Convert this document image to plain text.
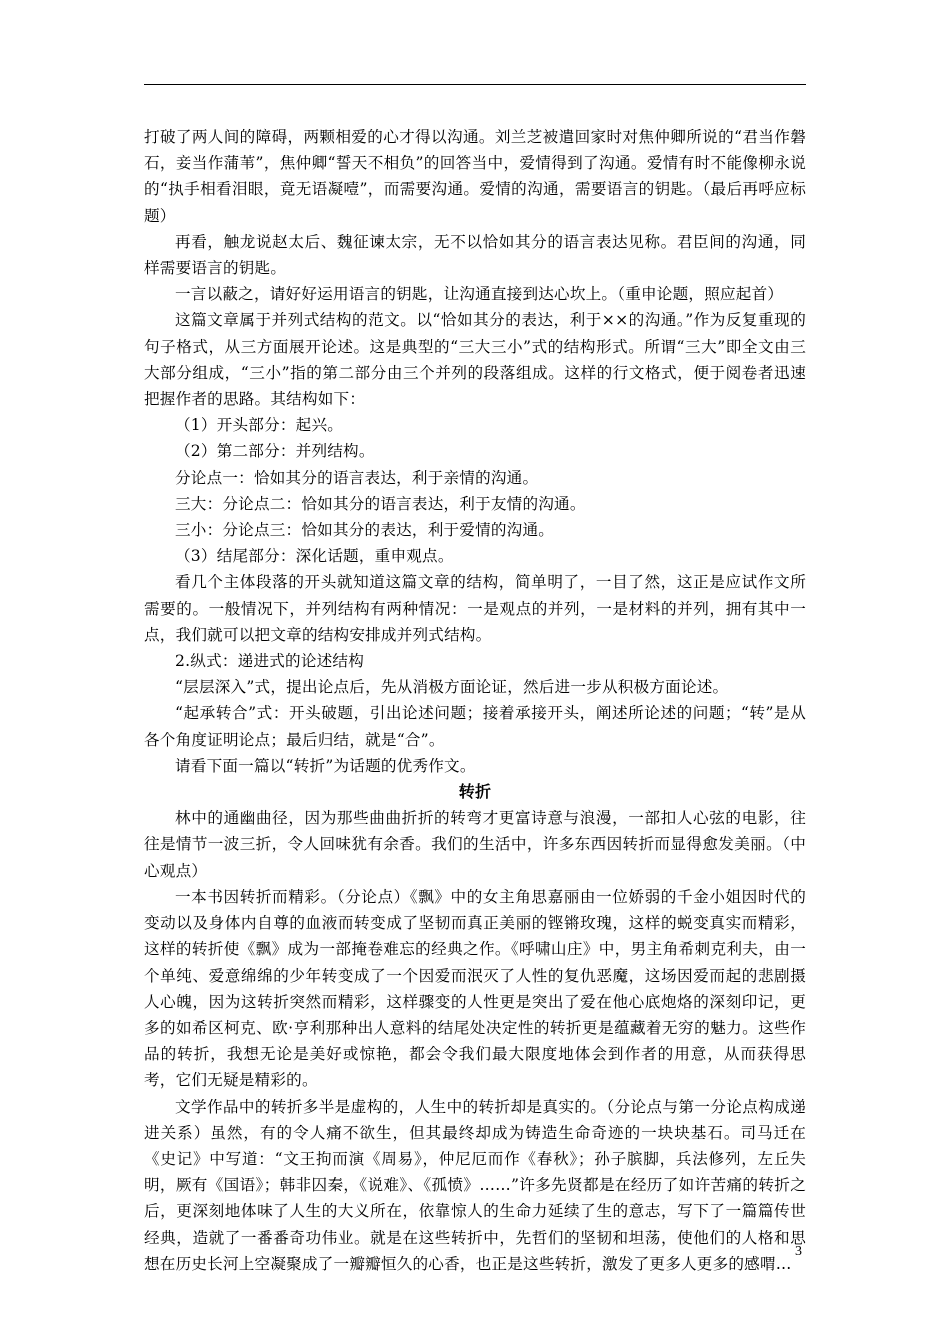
打破了两人间的障碍，两颗相爱的心才得以沟通。刘兰芝被遣回家时对焦仲卿所说的“君当作磐石，妾当作蒲苇”，焦仲卿“誓天不相负”的回答当中，爱情得到了沟通。爱情有时不能像柳永说的“执手相看泪眼，竟无语凝噎”，而需要沟通。爱情的沟通，需要语言的钥匙。（最后再呼应标题）

再看，触龙说赵太后、魏征谏太宗，无不以恰如其分的语言表达见称。君臣间的沟通，同样需要语言的钥匙。

一言以蔽之，请好好运用语言的钥匙，让沟通直接到达心坎上。（重申论题，照应起首）

这篇文章属于并列式结构的范文。以“恰如其分的表达，利于××的沟通。”作为反复重现的句子格式，从三方面展开论述。这是典型的“三大三小”式的结构形式。所谓“三大”即全文由三大部分组成，“三小”指的第二部分由三个并列的段落组成。这样的行文格式，便于阅卷者迅速把握作者的思路。其结构如下：

（1）开头部分：起兴。

（2）第二部分：并列结构。

分论点一：恰如其分的语言表达，利于亲情的沟通。

三大：分论点二：恰如其分的语言表达，利于友情的沟通。

三小：分论点三：恰如其分的表达，利于爱情的沟通。

（3）结尾部分：深化话题，重申观点。

看几个主体段落的开头就知道这篇文章的结构，简单明了，一目了然，这正是应试作文所需要的。一般情况下，并列结构有两种情况：一是观点的并列，一是材料的并列，拥有其中一点，我们就可以把文章的结构安排成并列式结构。

2.纵式：递进式的论述结构

“层层深入”式，提出论点后，先从消极方面论证，然后进一步从积极方面论述。

“起承转合”式：开头破题，引出论述问题；接着承接开头，阐述所论述的问题；“转”是从各个角度证明论点；最后归结，就是“合”。

请看下面一篇以“转折”为话题的优秀作文。

转折

林中的通幽曲径，因为那些曲曲折折的转弯才更富诗意与浪漫，一部扣人心弦的电影，往往是情节一波三折，令人回味犹有余香。我们的生活中，许多东西因转折而显得愈发美丽。（中心观点）

一本书因转折而精彩。（分论点）《飘》中的女主角思嘉丽由一位娇弱的千金小姐因时代的变动以及身体内自尊的血液而转变成了坚韧而真正美丽的铿锵玫瑰，这样的蜕变真实而精彩，这样的转折使《飘》成为一部掩卷难忘的经典之作。《呼啸山庄》中，男主角希刺克利夫，由一个单纯、爱意绵绵的少年转变成了一个因爱而泯灭了人性的复仇恶魔，这场因爱而起的悲剧摄人心魄，因为这转折突然而精彩，这样骤变的人性更是突出了爱在他心底炮烙的深刻印记，更多的如希区柯克、欧·亨利那种出人意料的结尾处决定性的转折更是蕴藏着无穷的魅力。这些作品的转折，我想无论是美好或惊艳，都会令我们最大限度地体会到作者的用意，从而获得思考，它们无疑是精彩的。

文学作品中的转折多半是虚构的，人生中的转折却是真实的。（分论点与第一分论点构成递进关系）虽然，有的令人痛不欲生，但其最终却成为铸造生命奇迹的一块块基石。司马迁在《史记》中写道：“文王拘而演《周易》，仲尼厄而作《春秋》；孙子膑脚，兵法修列，左丘失明，厥有《国语》；韩非囚秦，《说难》、《孤愤》……”许多先贤都是在经历了如许苦痛的转折之后，更深刻地体味了人生的大义所在，依靠惊人的生命力延续了生的意志，写下了一篇篇传世经典，造就了一番番奇功伟业。就是在这些转折中，先哲们的坚韧和坦荡，使他们的人格和思想在历史长河上空凝聚成了一瓣瓣恒久的心香，也正是这些转折，激发了更多人更多的感喟…

3
